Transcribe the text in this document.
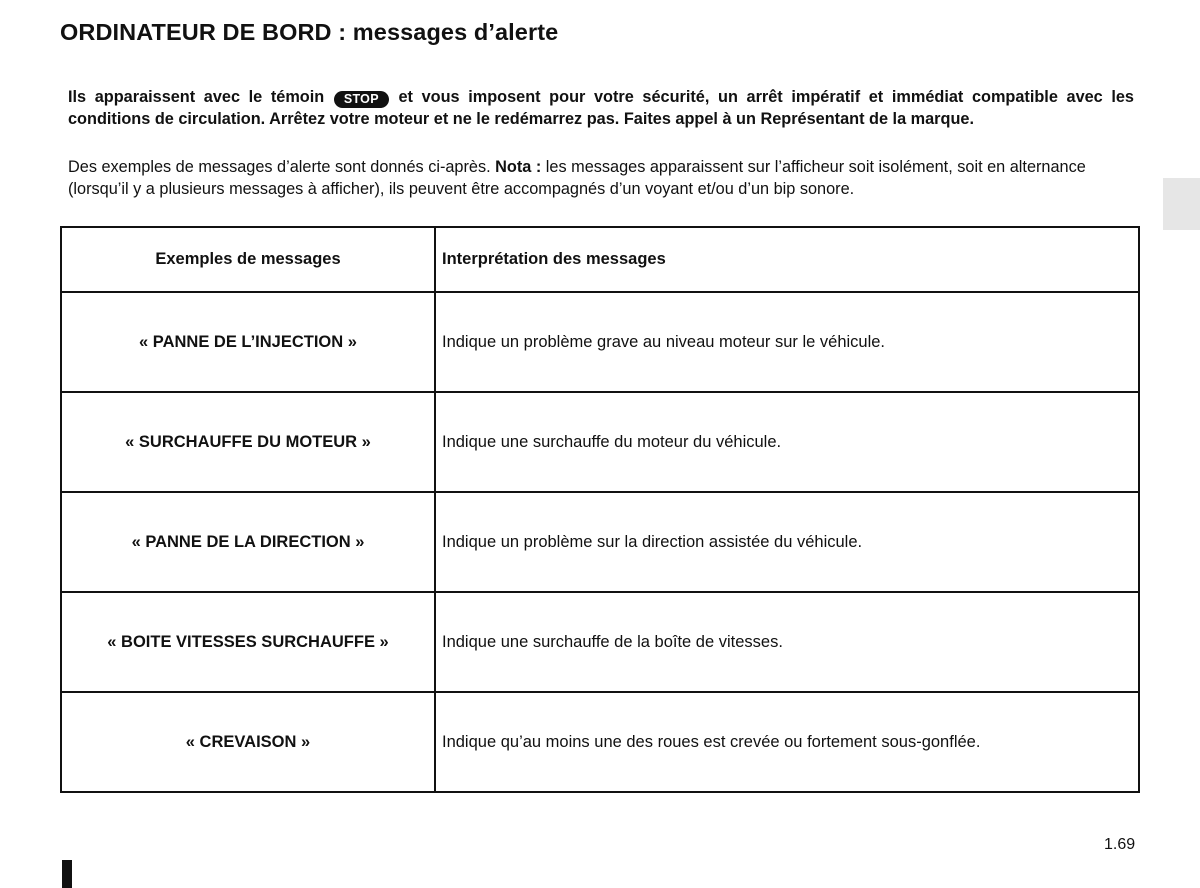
ORDINATEUR DE BORD : messages d’alerte
Ils apparaissent avec le témoin STOP et vous imposent pour votre sécurité, un arrêt impératif et immédiat compatible avec les conditions de circulation. Arrêtez votre moteur et ne le redémarrez pas. Faites appel à un Représentant de la marque.
Des exemples de messages d’alerte sont donnés ci-après. Nota : les messages apparaissent sur l’afficheur soit isolément, soit en alternance (lorsqu’il y a plusieurs messages à afficher), ils peuvent être accompagnés d’un voyant et/ou d’un bip sonore.
Exemples de messages	Interprétation des messages
« PANNE DE L’INJECTION »	Indique un problème grave au niveau moteur sur le véhicule.
« SURCHAUFFE DU MOTEUR »	Indique une surchauffe du moteur du véhicule.
« PANNE DE LA DIRECTION »	Indique un problème sur la direction assistée du véhicule.
« BOITE VITESSES SURCHAUFFE »	Indique une surchauffe de la boîte de vitesses.
« CREVAISON »	Indique qu’au moins une des roues est crevée ou fortement sous-gonflée.
1.69
